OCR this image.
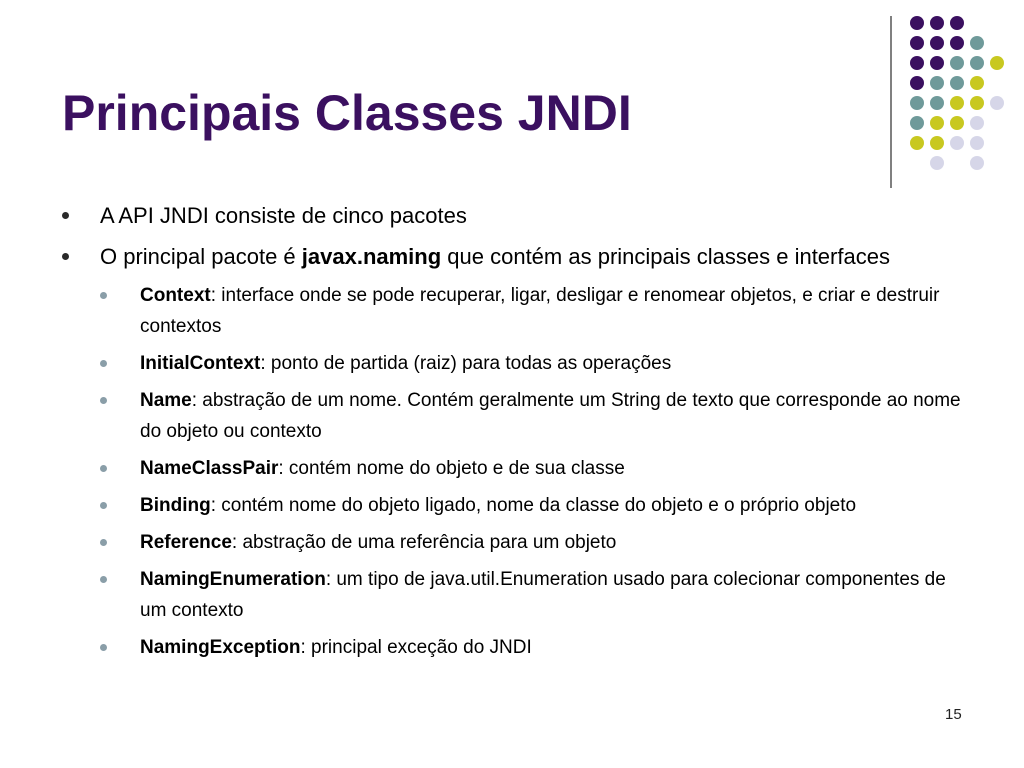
Principais Classes JNDI
A API JNDI consiste de cinco pacotes
O principal pacote é javax.naming que contém as principais classes e interfaces
Context: interface onde se pode recuperar, ligar, desligar e renomear objetos, e criar e destruir contextos
InitialContext: ponto de partida (raiz) para todas as operações
Name: abstração de um nome. Contém geralmente um String de texto que corresponde ao nome do objeto ou contexto
NameClassPair: contém nome do objeto e de sua classe
Binding: contém nome do objeto ligado, nome da classe do objeto e o próprio objeto
Reference: abstração de uma referência para um objeto
NamingEnumeration: um tipo de java.util.Enumeration usado para colecionar componentes de um contexto
NamingException: principal exceção do JNDI
15
